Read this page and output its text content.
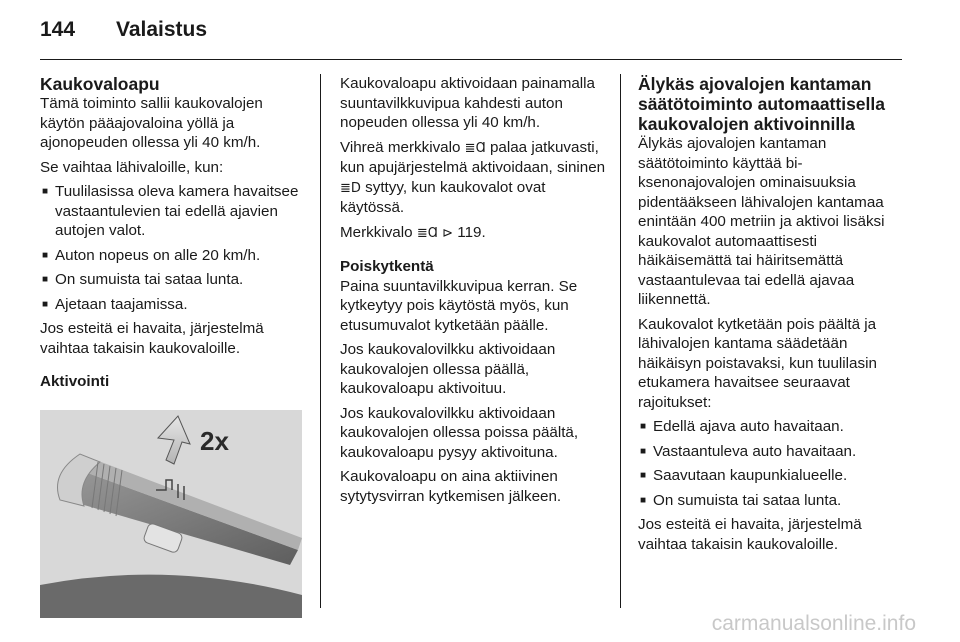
144	Valaistus
Kaukovaloapu

Tämä toiminto sallii kaukovalojen käytön pääajovaloina yöllä ja ajonopeuden ollessa yli 40 km/h.

Se vaihtaa lähivaloille, kun:

■ Tuulilasissa oleva kamera havaitsee vastaantulevien tai edellä ajavien autojen valot.
■ Auton nopeus on alle 20 km/h.
■ On sumuista tai sataa lunta.
■ Ajetaan taajamissa.

Jos esteitä ei havaita, järjestelmä vaihtaa takaisin kaukovaloille.

Aktivointi
2x

Kaukovaloapu aktivoidaan painamalla suuntavilkkuvipua kahdesti auton nopeuden ollessa yli 40 km/h.

Vihreä merkkivalo ≣Ɑ palaa jatkuvasti, kun apujärjestelmä aktivoidaan, sininen ≣D syttyy, kun kaukovalot ovat käytössä.

Merkkivalo ≣Ɑ ⊳ 119.

Poiskytkentä

Paina suuntavilkkuvipua kerran. Se kytkeytyy pois käytöstä myös, kun etusumuvalot kytketään päälle.

Jos kaukovalovilkku aktivoidaan kaukovalojen ollessa päällä, kaukovaloapu aktivoituu.

Jos kaukovalovilkku aktivoidaan kaukovalojen ollessa poissa päältä, kaukovaloapu pysyy aktivoituna.

Kaukovaloapu on aina aktiivinen sytytysvirran kytkemisen jälkeen.

Älykäs ajovalojen kantaman säätötoiminto automaattisella kaukovalojen aktivoinnilla

Älykäs ajovalojen kantaman säätötoiminto käyttää bi-ksenonajovalojen ominaisuuksia pidentääkseen lähivalojen kantamaa enintään 400 metriin ja aktivoi lisäksi kaukovalot automaattisesti häikäisemättä tai häiritsemättä vastaantulevaa tai edellä ajavaa liikennettä.

Kaukovalot kytketään pois päältä ja lähivalojen kantama säädetään häikäisyn poistavaksi, kun tuulilasin etukamera havaitsee seuraavat rajoitukset:

■ Edellä ajava auto havaitaan.
■ Vastaantuleva auto havaitaan.
■ Saavutaan kaupunkialueelle.
■ On sumuista tai sataa lunta.

Jos esteitä ei havaita, järjestelmä vaihtaa takaisin kaukovaloille.

carmanualsonline.info
